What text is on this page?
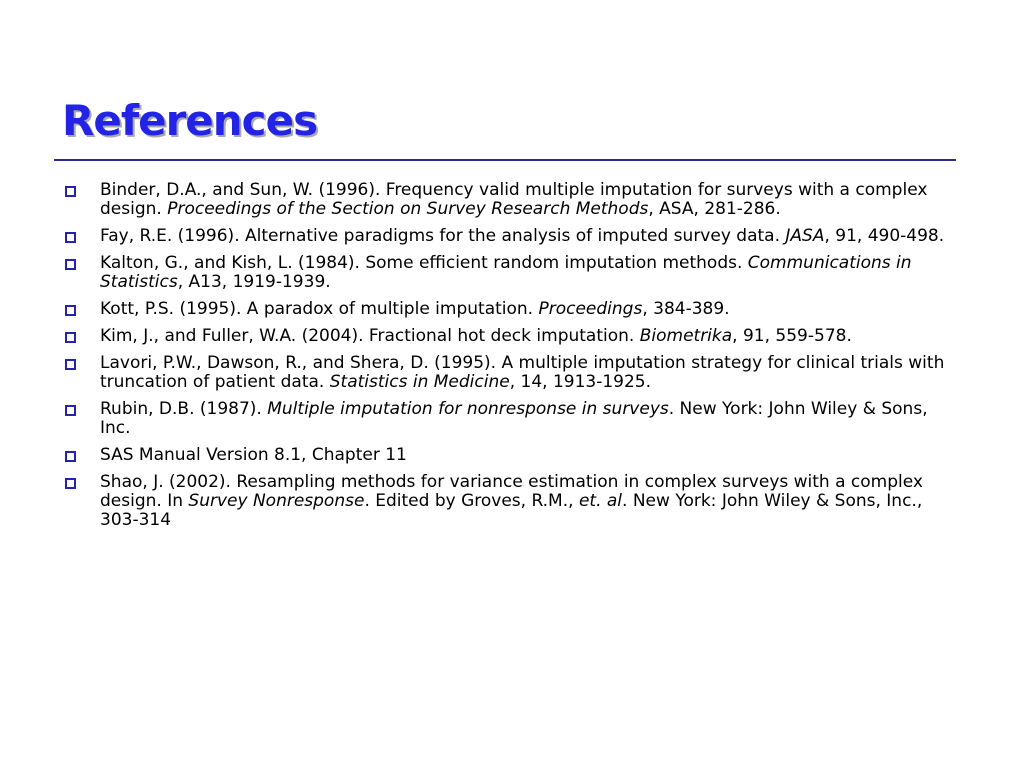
References
Binder, D.A., and Sun, W. (1996). Frequency valid multiple imputation for surveys with a complex design. Proceedings of the Section on Survey Research Methods, ASA, 281-286.
Fay, R.E. (1996). Alternative paradigms for the analysis of imputed survey data. JASA, 91, 490-498.
Kalton, G., and Kish, L. (1984). Some efficient random imputation methods. Communications in Statistics, A13, 1919-1939.
Kott, P.S. (1995). A paradox of multiple imputation. Proceedings, 384-389.
Kim, J., and Fuller, W.A. (2004). Fractional hot deck imputation. Biometrika, 91, 559-578.
Lavori, P.W., Dawson, R., and Shera, D. (1995). A multiple imputation strategy for clinical trials with truncation of patient data. Statistics in Medicine, 14, 1913-1925.
Rubin, D.B. (1987). Multiple imputation for nonresponse in surveys. New York: John Wiley & Sons, Inc.
SAS Manual Version 8.1, Chapter 11
Shao, J. (2002). Resampling methods for variance estimation in complex surveys with a complex design. In Survey Nonresponse. Edited by Groves, R.M., et. al. New York: John Wiley & Sons, Inc., 303-314
